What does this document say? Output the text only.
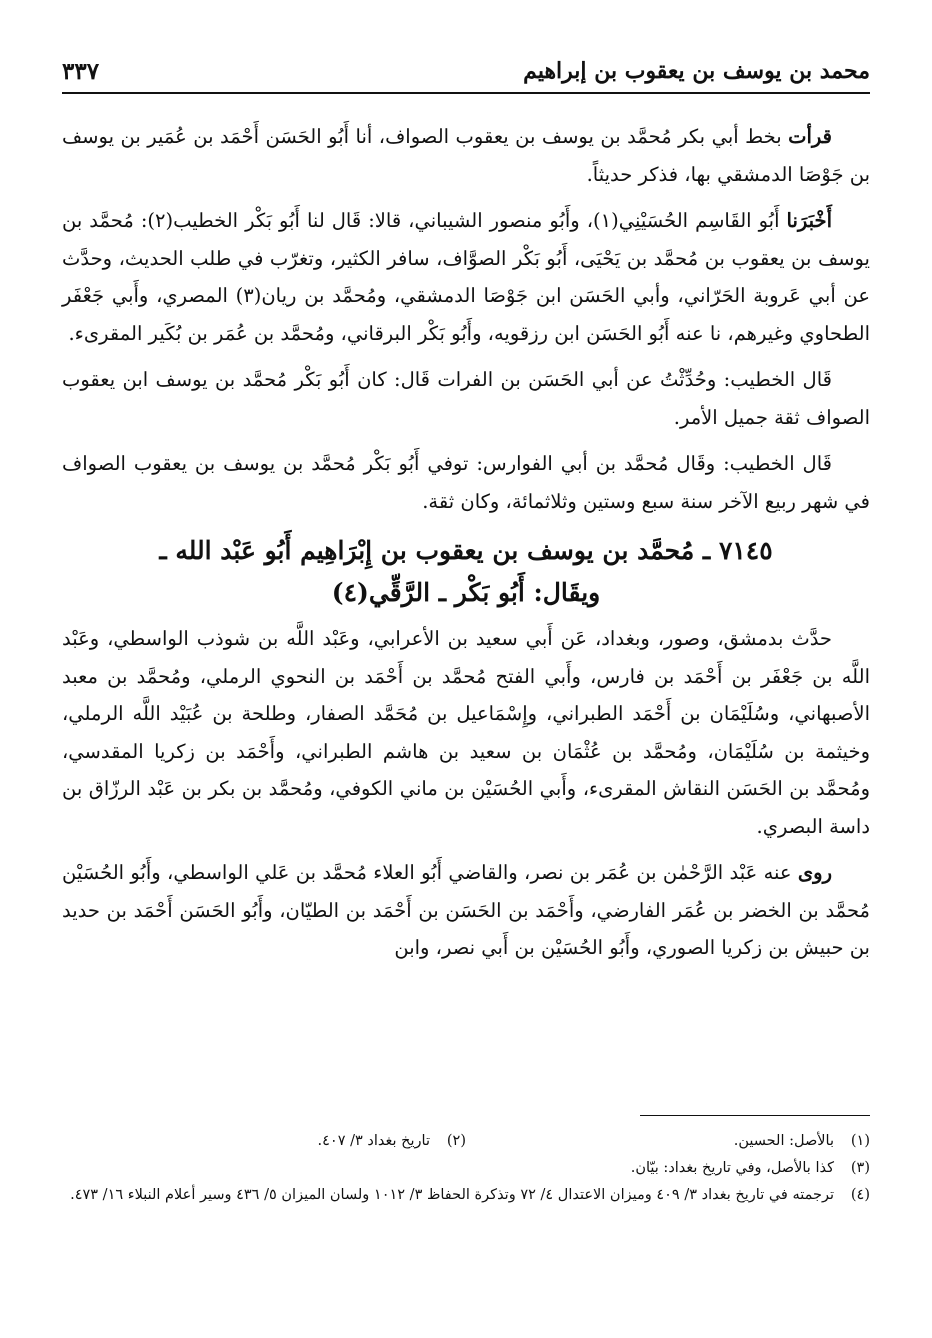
٣٣٧	محمد بن يوسف بن يعقوب بن إبراهيم

قرأت بخط أبي بكر مُحمَّد بن يوسف بن يعقوب الصواف، أنا أَبُو الحَسَن أَحْمَد بن عُمَير بن يوسف بن جَوْصَا الدمشقي بها، فذكر حديثاً.

أَخْبَرَنا أَبُو القَاسِم الحُسَيْنِي(١)، وأَبُو منصور الشيباني، قالا: قَال لنا أَبُو بَكْر الخطيب(٢): مُحمَّد بن يوسف بن يعقوب بن مُحمَّد بن يَحْيَى، أَبُو بَكْر الصوَّاف، سافر الكثير، وتغرّب في طلب الحديث، وحدَّث عن أبي عَروبة الحَرّاني، وأبي الحَسَن ابن جَوْصَا الدمشقي، ومُحمَّد بن ريان(٣) المصري، وأَبي جَعْفَر الطحاوي وغيرهم، نا عنه أَبُو الحَسَن ابن رزقويه، وأَبُو بَكْر البرقاني، ومُحمَّد بن عُمَر بن بُكَير المقرىء.

قَال الخطيب: وحُدِّثْتُ عن أبي الحَسَن بن الفرات قَال: كان أَبُو بَكْر مُحمَّد بن يوسف ابن يعقوب الصواف ثقة جميل الأمر.

قَال الخطيب: وقَال مُحمَّد بن أبي الفوارس: توفي أَبُو بَكْر مُحمَّد بن يوسف بن يعقوب الصواف في شهر ربيع الآخر سنة سبع وستين وثلاثمائة، وكان ثقة.

٧١٤٥ ـ مُحمَّد بن يوسف بن يعقوب بن إِبْرَاهِيم أَبُو عَبْد الله ـ
ويقَال: أَبُو بَكْر ـ الرَّقِّي(٤)

حدَّث بدمشق، وصور، وبغداد، عَن أَبي سعيد بن الأعرابي، وعَبْد اللَّه بن شوذب الواسطي، وعَبْد اللَّه بن جَعْفَر بن أَحْمَد بن فارس، وأَبي الفتح مُحمَّد بن أَحْمَد بن النحوي الرملي، ومُحمَّد بن معبد الأصبهاني، وسُلَيْمَان بن أَحْمَد الطبراني، وإِسْمَاعيل بن مُحَمَّد الصفار، وطلحة بن عُبَيْد اللَّه الرملي، وخيثمة بن سُلَيْمَان، ومُحمَّد بن عُثْمَان بن سعيد بن هاشم الطبراني، وأَحْمَد بن زكريا المقدسي، ومُحمَّد بن الحَسَن النقاش المقرىء، وأَبي الحُسَيْن بن ماني الكوفي، ومُحمَّد بن بكر بن عَبْد الرزّاق بن داسة البصري.

روى عنه عَبْد الرَّحْمٰن بن عُمَر بن نصر، والقاضي أَبُو العلاء مُحمَّد بن عَلي الواسطي، وأَبُو الحُسَيْن مُحمَّد بن الخضر بن عُمَر الفارضي، وأَحْمَد بن الحَسَن بن أَحْمَد بن الطيّان، وأَبُو الحَسَن أَحْمَد بن حديد بن حبيش بن زكريا الصوري، وأَبُو الحُسَيْن بن أَبي نصر، وابن

(١)
بالأصل: الحسين.
(٢)
تاريخ بغداد ٣/ ٤٠٧.
(٣)
كذا بالأصل، وفي تاريخ بغداد: بيّان.
(٤)
ترجمته في تاريخ بغداد ٣/ ٤٠٩ وميزان الاعتدال ٤/ ٧٢ وتذكرة الحفاظ ٣/ ١٠١٢ ولسان الميزان ٥/ ٤٣٦ وسير أعلام النبلاء ١٦/ ٤٧٣.
